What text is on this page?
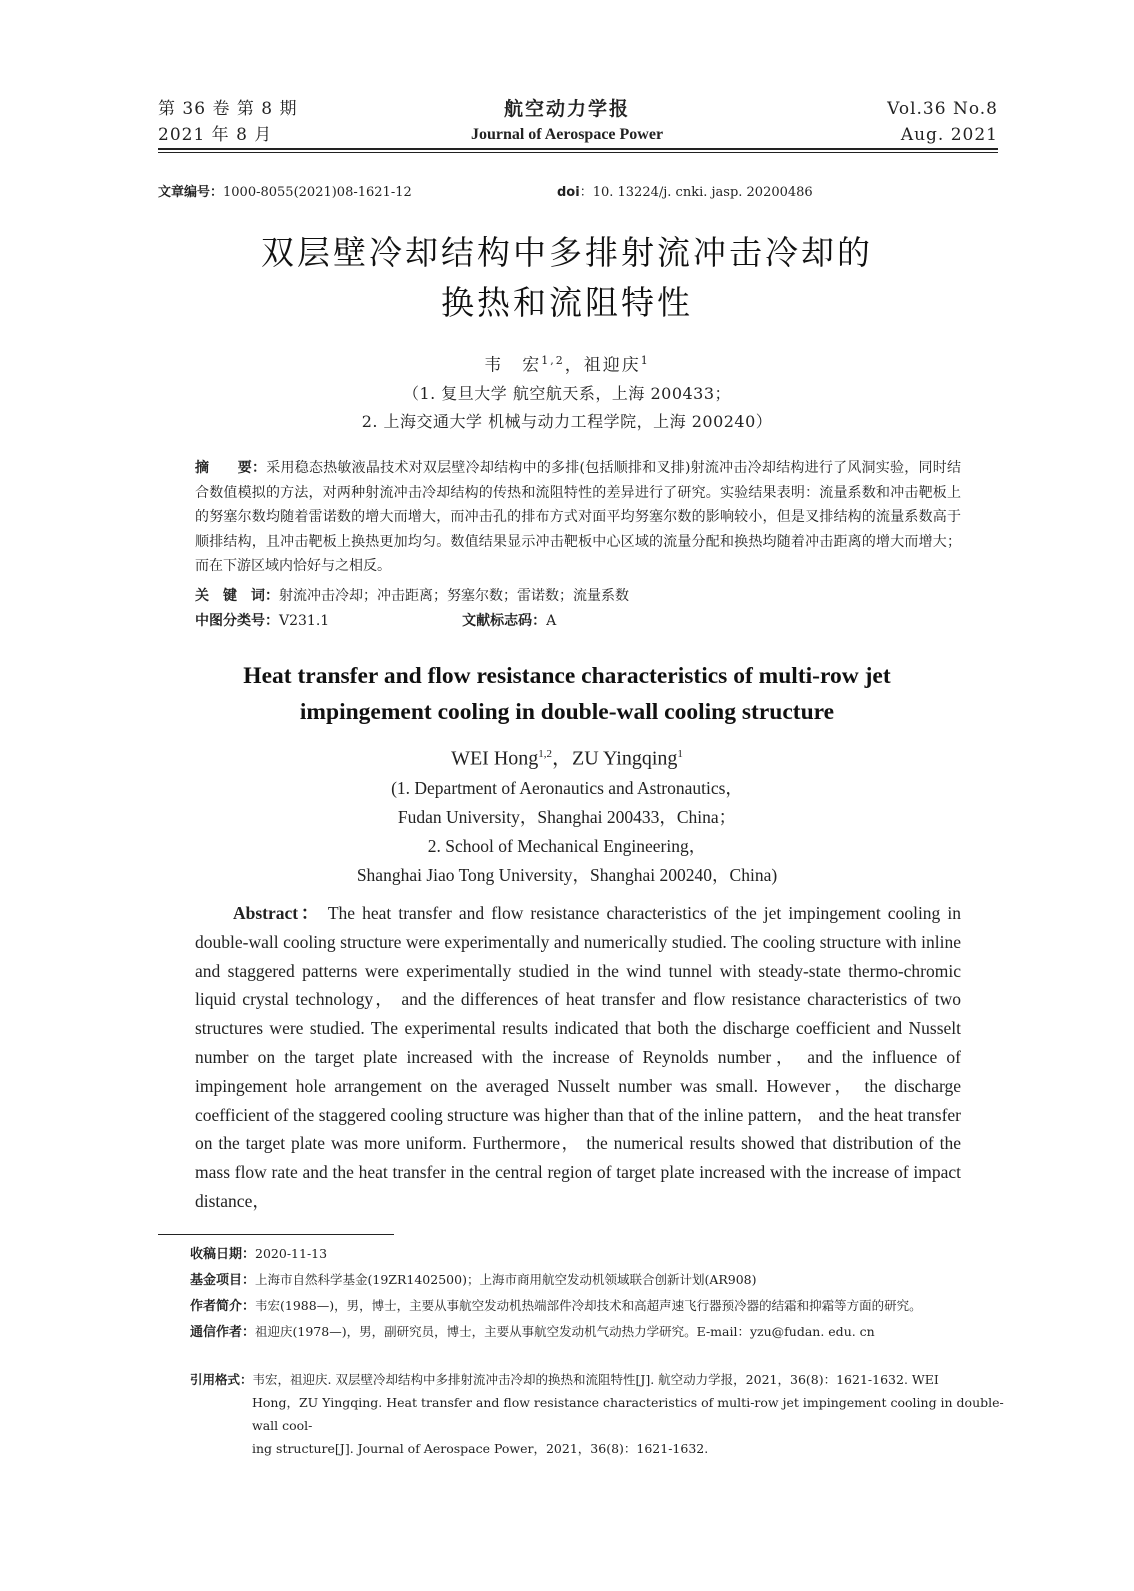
第 36 卷 第 8 期
2021 年 8 月
航空动力学报
Journal of Aerospace Power
Vol.36 No.8
Aug. 2021
文章编号：1000-8055(2021)08-1621-12	doi：10. 13224/j. cnki. jasp. 20200486
双层壁冷却结构中多排射流冲击冷却的
换热和流阻特性
韦　宏$^{1,2}$，祖迎庆$^1$
（1. 复旦大学 航空航天系，上海 200433；
2. 上海交通大学 机械与动力工程学院，上海 200240）
摘　　要：采用稳态热敏液晶技术对双层壁冷却结构中的多排(包括顺排和叉排)射流冲击冷却结构进行了风洞实验，同时结合数值模拟的方法，对两种射流冲击冷却结构的传热和流阻特性的差异进行了研究。实验结果表明：流量系数和冲击靶板上的努塞尔数均随着雷诺数的增大而增大，而冲击孔的排布方式对面平均努塞尔数的影响较小，但是叉排结构的流量系数高于顺排结构，且冲击靶板上换热更加均匀。数值结果显示冲击靶板中心区域的流量分配和换热均随着冲击距离的增大而增大；而在下游区域内恰好与之相反。
关　键　词：射流冲击冷却；冲击距离；努塞尔数；雷诺数；流量系数
中图分类号：V231.1	文献标志码：A
Heat transfer and flow resistance characteristics of multi-row jet
impingement cooling in double-wall cooling structure
WEI Hong$^{1,2}$，ZU Yingqing$^1$
(1. Department of Aeronautics and Astronautics，
Fudan University，Shanghai 200433，China；
2. School of Mechanical Engineering，
Shanghai Jiao Tong University，Shanghai 200240，China)
Abstract： The heat transfer and flow resistance characteristics of the jet impingement cooling in double-wall cooling structure were experimentally and numerically studied. The cooling structure with inline and staggered patterns were experimentally studied in the wind tunnel with steady-state thermo-chromic liquid crystal technology， and the differences of heat transfer and flow resistance characteristics of two structures were studied. The experimental results indicated that both the discharge coefficient and Nusselt number on the target plate increased with the increase of Reynolds number， and the influence of impingement hole arrangement on the averaged Nusselt number was small. However， the discharge coefficient of the staggered cooling structure was higher than that of the inline pattern， and the heat transfer on the target plate was more uniform. Furthermore， the numerical results showed that distribution of the mass flow rate and the heat transfer in the central region of target plate increased with the increase of impact distance，
收稿日期：2020-11-13
基金项目：上海市自然科学基金(19ZR1402500)；上海市商用航空发动机领域联合创新计划(AR908)
作者简介：韦宏(1988—)，男，博士，主要从事航空发动机热端部件冷却技术和高超声速飞行器预冷器的结霜和抑霜等方面的研究。
通信作者：祖迎庆(1978—)，男，副研究员，博士，主要从事航空发动机气动热力学研究。E-mail：yzu@fudan. edu. cn
引用格式：韦宏，祖迎庆. 双层壁冷却结构中多排射流冲击冷却的换热和流阻特性[J]. 航空动力学报，2021，36(8)：1621-1632. WEI
Hong，ZU Yingqing. Heat transfer and flow resistance characteristics of multi-row jet impingement cooling in double-wall cool-
ing structure[J]. Journal of Aerospace Power，2021，36(8)：1621-1632.
